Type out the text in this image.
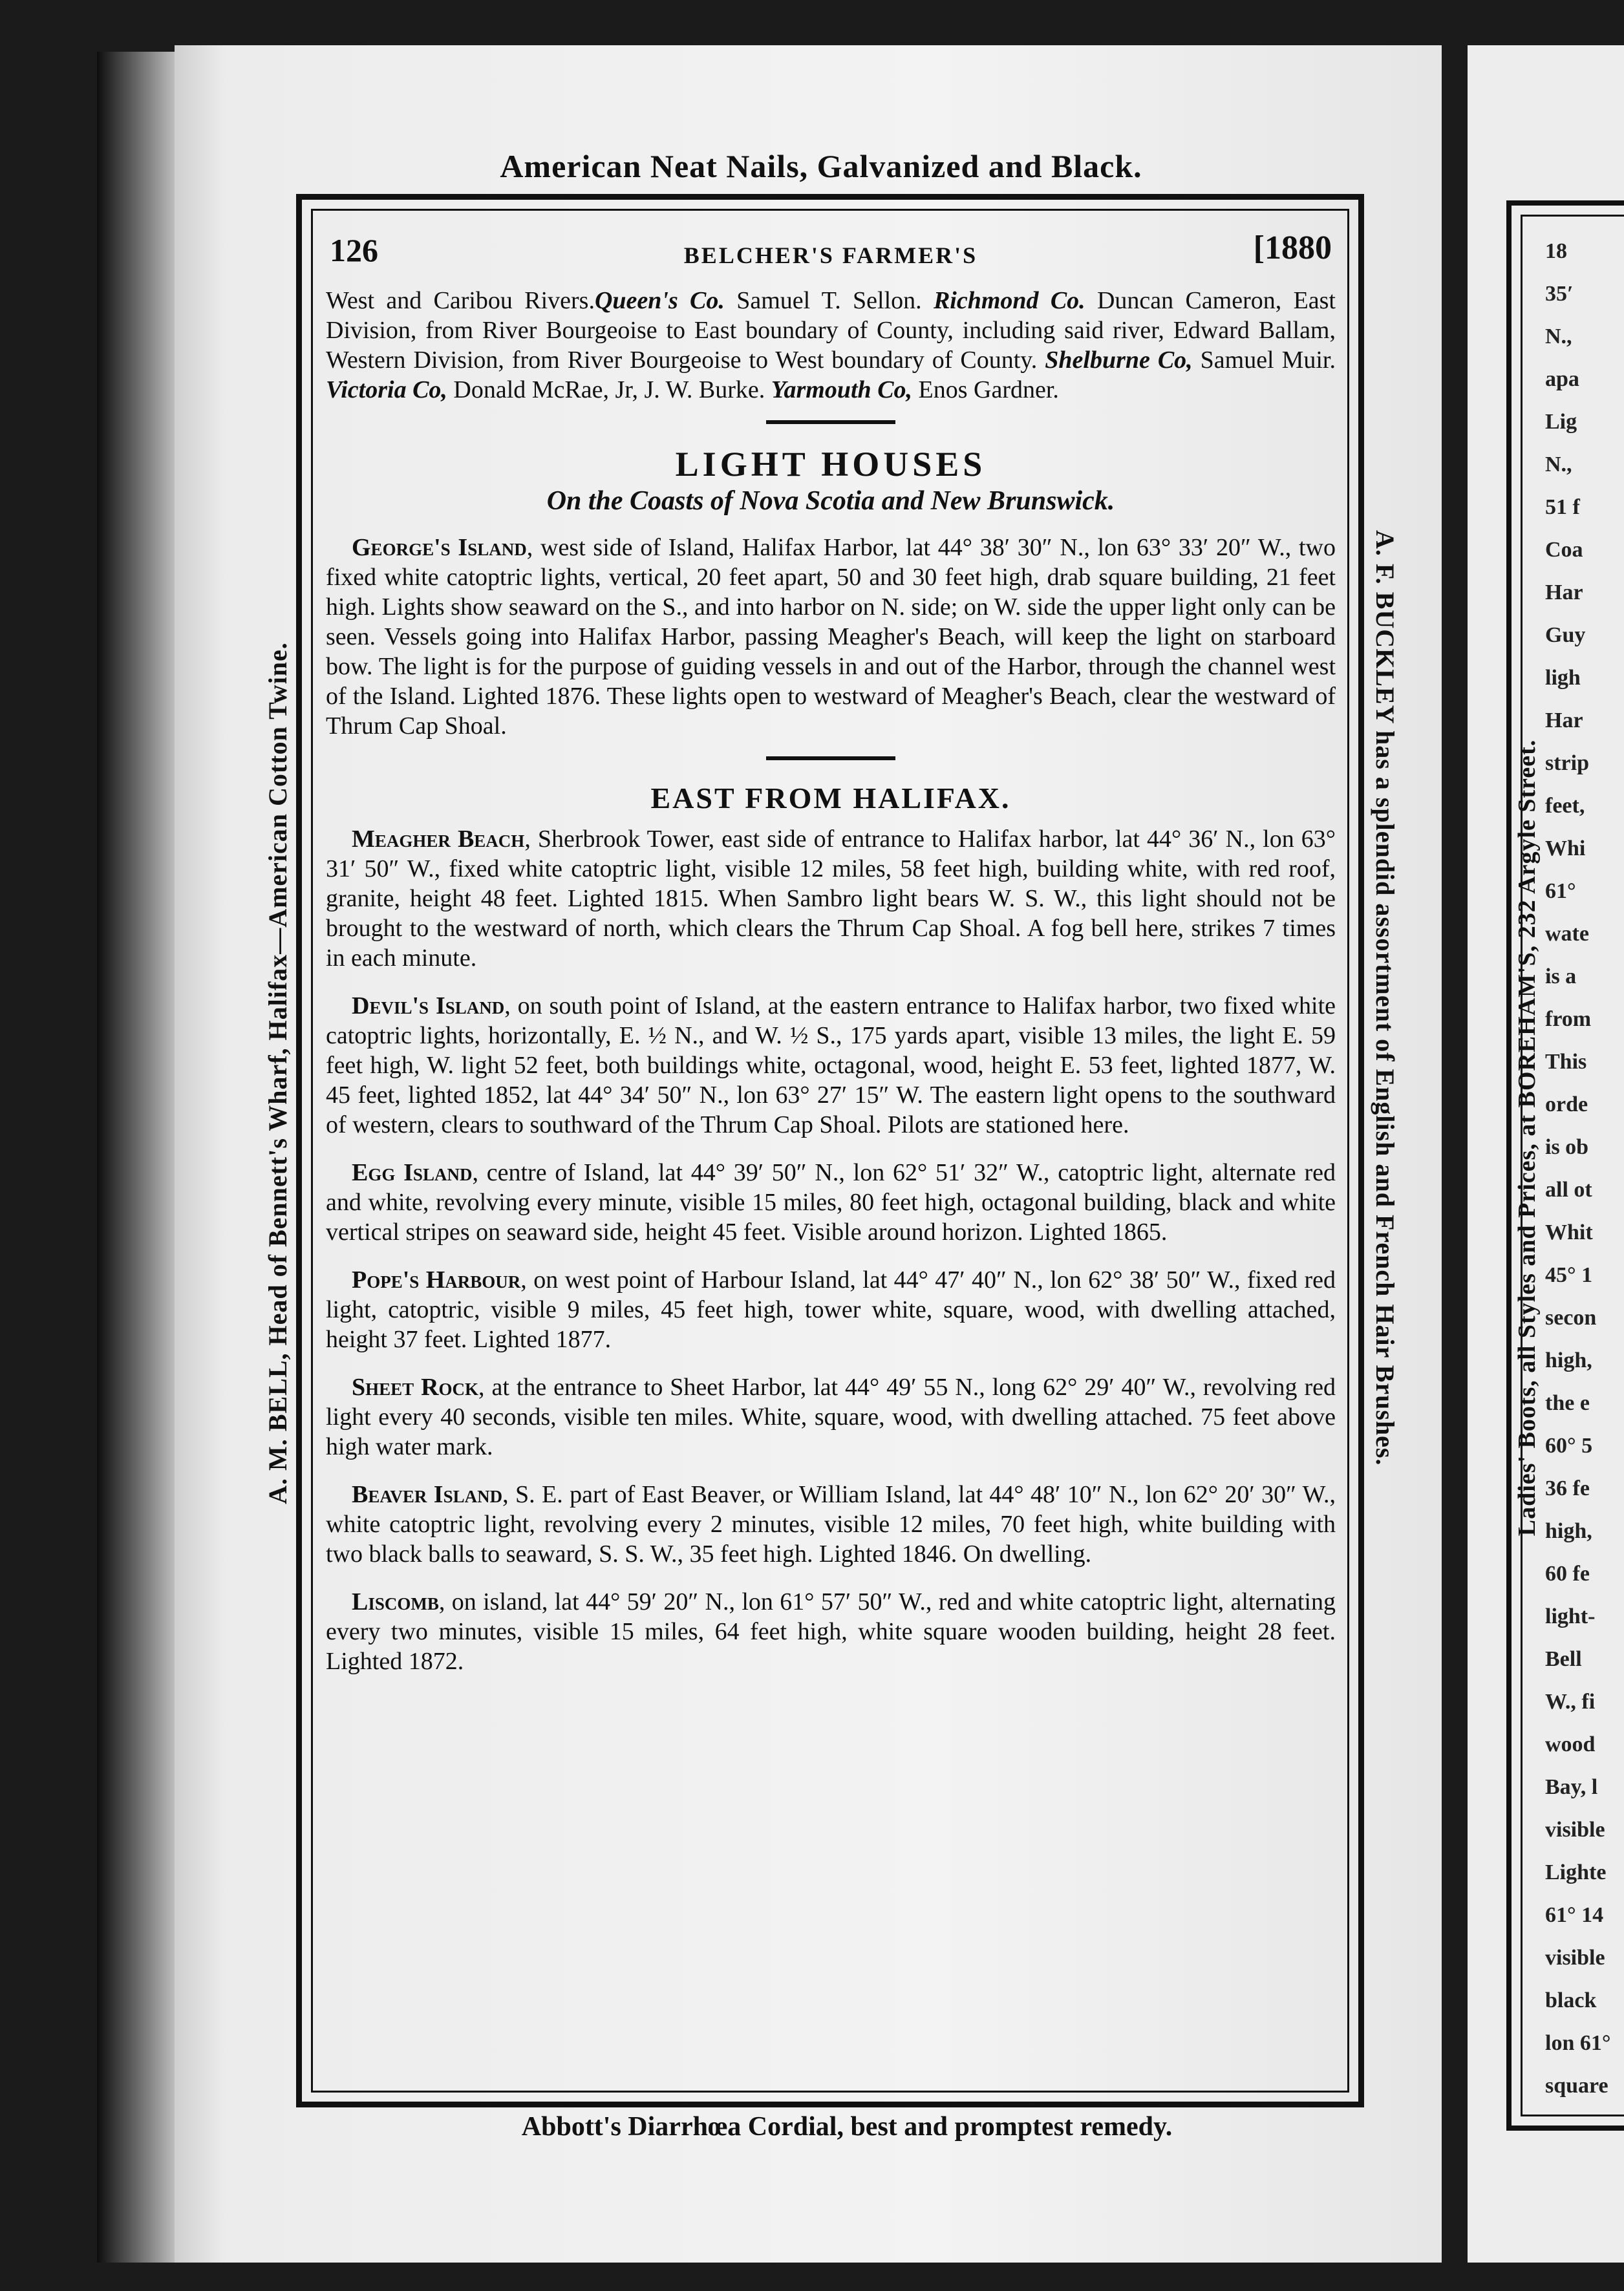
18
35′
N.,
apa
Lig
N.,
51 f
Coa
Har
Guy
ligh
Har
strip
feet,
Whi
61°
wate
is a
from
This
orde
is ob
all ot
Whit
45° 1
secon
high,
the e
60° 5
36 fe
high,
60 fe
light-
Bell
W., fi
wood
Bay, l
visible
Lighte
61° 14
visible
black
lon 61°
square
American Neat Nails, Galvanized and Black.
A. M. BELL, Head of Bennett's Wharf, Halifax—American Cotton Twine.	A. F. BUCKLEY has a splendid assortment of English and French Hair Brushes.	Ladies' Boots, all Styles and Prices, at BOREHAM'S, 232 Argyle Street.
Abbott's Diarrhœa Cordial, best and promptest remedy.
126	BELCHER'S FARMER'S	[1880

West and Caribou Rivers.Queen's Co. Samuel T. Sellon. Richmond Co. Duncan Cameron, East Division, from River Bourgeoise to East boundary of County, including said river, Edward Ballam, Western Division, from River Bourgeoise to West boundary of County. Shelburne Co, Samuel Muir. Victoria Co, Donald McRae, Jr, J. W. Burke. Yarmouth Co, Enos Gardner.

LIGHT HOUSES
On the Coasts of Nova Scotia and New Brunswick.

George's Island, west side of Island, Halifax Harbor, lat 44° 38′ 30″ N., lon 63° 33′ 20″ W., two fixed white catoptric lights, vertical, 20 feet apart, 50 and 30 feet high, drab square building, 21 feet high. Lights show seaward on the S., and into harbor on N. side; on W. side the upper light only can be seen. Vessels going into Halifax Harbor, passing Meagher's Beach, will keep the light on starboard bow. The light is for the purpose of guiding vessels in and out of the Harbor, through the channel west of the Island. Lighted 1876. These lights open to westward of Meagher's Beach, clear the westward of Thrum Cap Shoal.

EAST FROM HALIFAX.

Meagher Beach, Sherbrook Tower, east side of entrance to Halifax harbor, lat 44° 36′ N., lon 63° 31′ 50″ W., fixed white catoptric light, visible 12 miles, 58 feet high, building white, with red roof, granite, height 48 feet. Lighted 1815. When Sambro light bears W. S. W., this light should not be brought to the westward of north, which clears the Thrum Cap Shoal. A fog bell here, strikes 7 times in each minute.

Devil's Island, on south point of Island, at the eastern entrance to Halifax harbor, two fixed white catoptric lights, horizontally, E. ½ N., and W. ½ S., 175 yards apart, visible 13 miles, the light E. 59 feet high, W. light 52 feet, both buildings white, octagonal, wood, height E. 53 feet, lighted 1877, W. 45 feet, lighted 1852, lat 44° 34′ 50″ N., lon 63° 27′ 15″ W. The eastern light opens to the southward of western, clears to southward of the Thrum Cap Shoal. Pilots are stationed here.

Egg Island, centre of Island, lat 44° 39′ 50″ N., lon 62° 51′ 32″ W., catoptric light, alternate red and white, revolving every minute, visible 15 miles, 80 feet high, octagonal building, black and white vertical stripes on seaward side, height 45 feet. Visible around horizon. Lighted 1865.

Pope's Harbour, on west point of Harbour Island, lat 44° 47′ 40″ N., lon 62° 38′ 50″ W., fixed red light, catoptric, visible 9 miles, 45 feet high, tower white, square, wood, with dwelling attached, height 37 feet. Lighted 1877.

Sheet Rock, at the entrance to Sheet Harbor, lat 44° 49′ 55 N., long 62° 29′ 40″ W., revolving red light every 40 seconds, visible ten miles. White, square, wood, with dwelling attached. 75 feet above high water mark.

Beaver Island, S. E. part of East Beaver, or William Island, lat 44° 48′ 10″ N., lon 62° 20′ 30″ W., white catoptric light, revolving every 2 minutes, visible 12 miles, 70 feet high, white building with two black balls to seaward, S. S. W., 35 feet high. Lighted 1846. On dwelling.

Liscomb, on island, lat 44° 59′ 20″ N., lon 61° 57′ 50″ W., red and white catoptric light, alternating every two minutes, visible 15 miles, 64 feet high, white square wooden building, height 28 feet. Lighted 1872.
